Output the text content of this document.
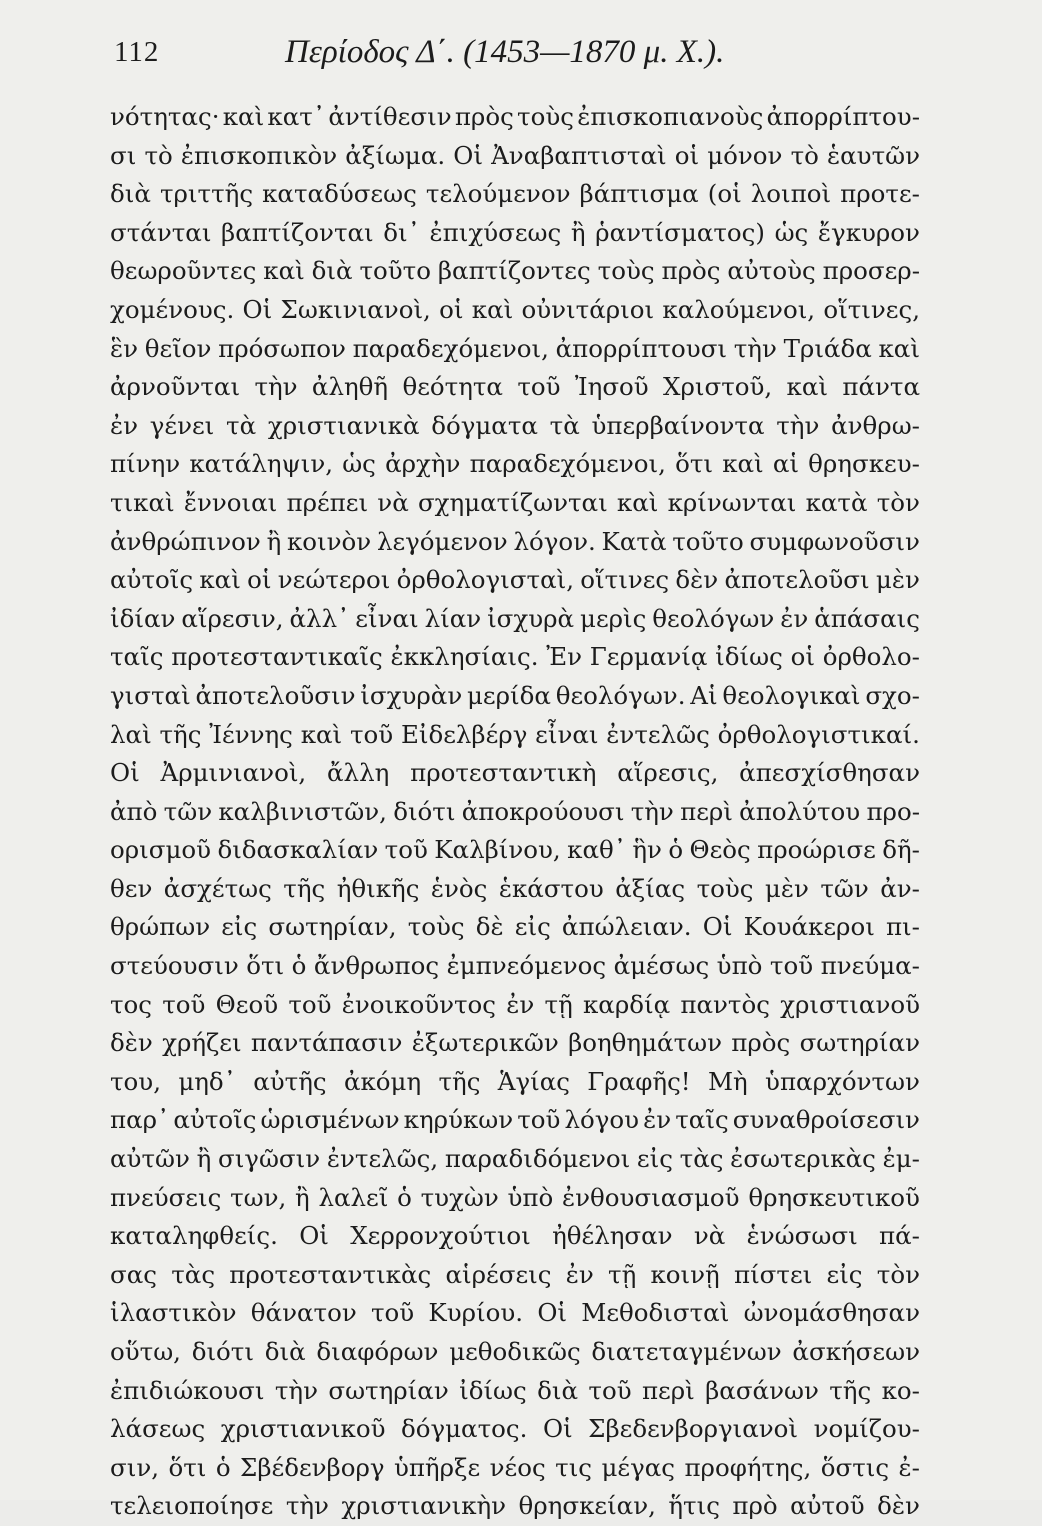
112	Περίοδος Δ΄. (1453—1870 μ. Χ.).
νότητας· καὶ κατ᾽ ἀντίθεσιν πρὸς τοὺς ἐπισκοπιανοὺς ἀπορρίπτου-
σι τὸ ἐπισκοπικὸν ἀξίωμα. Οἱ Ἀναβαπτισταὶ οἱ μόνον τὸ ἑαυτῶν
διὰ τριττῆς καταδύσεως τελούμενον βάπτισμα (οἱ λοιποὶ προτε-
στάνται βαπτίζονται δι᾽ ἐπιχύσεως ἢ ῥαντίσματος) ὡς ἔγκυρον
θεωροῦντες καὶ διὰ τοῦτο βαπτίζοντες τοὺς πρὸς αὐτοὺς προσερ-
χομένους. Οἱ Σωκινιανοὶ, οἱ καὶ οὐνιτάριοι καλούμενοι, οἵτινες,
ἓν θεῖον πρόσωπον παραδεχόμενοι, ἀπορρίπτουσι τὴν Τριάδα καὶ
ἀρνοῦνται τὴν ἀληθῆ θεότητα τοῦ Ἰησοῦ Χριστοῦ, καὶ πάντα
ἐν γένει τὰ χριστιανικὰ δόγματα τὰ ὑπερβαίνοντα τὴν ἀνθρω-
πίνην κατάληψιν, ὡς ἀρχὴν παραδεχόμενοι, ὅτι καὶ αἱ θρησκευ-
τικαὶ ἔννοιαι πρέπει νὰ σχηματίζωνται καὶ κρίνωνται κατὰ τὸν
ἀνθρώπινον ἢ κοινὸν λεγόμενον λόγον. Κατὰ τοῦτο συμφωνοῦσιν
αὐτοῖς καὶ οἱ νεώτεροι ὀρθολογισταὶ, οἵτινες δὲν ἀποτελοῦσι μὲν
ἰδίαν αἵρεσιν, ἀλλ᾽ εἶναι λίαν ἰσχυρὰ μερὶς θεολόγων ἐν ἁπάσαις
ταῖς προτεσταντικαῖς ἐκκλησίαις. Ἐν Γερμανίᾳ ἰδίως οἱ ὀρθολο-
γισταὶ ἀποτελοῦσιν ἰσχυρὰν μερίδα θεολόγων. Αἱ θεολογικαὶ σχο-
λαὶ τῆς Ἰέννης καὶ τοῦ Εἰδελβέργ εἶναι ἐντελῶς ὀρθολογιστικαί.
Οἱ Ἀρμινιανοὶ, ἄλλη προτεσταντικὴ αἵρεσις, ἀπεσχίσθησαν
ἀπὸ τῶν καλβινιστῶν, διότι ἀποκρούουσι τὴν περὶ ἀπολύτου προ-
ορισμοῦ διδασκαλίαν τοῦ Καλβίνου, καθ᾽ ἣν ὁ Θεὸς προώρισε δῆ-
θεν ἀσχέτως τῆς ἠθικῆς ἑνὸς ἑκάστου ἀξίας τοὺς μὲν τῶν ἀν-
θρώπων εἰς σωτηρίαν, τοὺς δὲ εἰς ἀπώλειαν. Οἱ Κουάκεροι πι-
στεύουσιν ὅτι ὁ ἄνθρωπος ἐμπνεόμενος ἀμέσως ὑπὸ τοῦ πνεύμα-
τος τοῦ Θεοῦ τοῦ ἐνοικοῦντος ἐν τῇ καρδίᾳ παντὸς χριστιανοῦ
δὲν χρήζει παντάπασιν ἐξωτερικῶν βοηθημάτων πρὸς σωτηρίαν
του, μηδ᾽ αὐτῆς ἀκόμη τῆς Ἁγίας Γραφῆς! Μὴ ὑπαρχόντων
παρ᾽ αὐτοῖς ὡρισμένων κηρύκων τοῦ λόγου ἐν ταῖς συναθροίσεσιν
αὐτῶν ἢ σιγῶσιν ἐντελῶς, παραδιδόμενοι εἰς τὰς ἐσωτερικὰς ἐμ-
πνεύσεις των, ἢ λαλεῖ ὁ τυχὼν ὑπὸ ἐνθουσιασμοῦ θρησκευτικοῦ
καταληφθείς. Οἱ Χερρονχούτιοι ἠθέλησαν νὰ ἑνώσωσι πά-
σας τὰς προτεσταντικὰς αἱρέσεις ἐν τῇ κοινῇ πίστει εἰς τὸν
ἱλαστικὸν θάνατον τοῦ Κυρίου. Οἱ Μεθοδισταὶ ὠνομάσθησαν
οὕτω, διότι διὰ διαφόρων μεθοδικῶς διατεταγμένων ἀσκήσεων
ἐπιδιώκουσι τὴν σωτηρίαν ἰδίως διὰ τοῦ περὶ βασάνων τῆς κο-
λάσεως χριστιανικοῦ δόγματος. Οἱ Σβεδενβοργιανοὶ νομίζου-
σιν, ὅτι ὁ Σβέδενβοργ ὑπῆρξε νέος τις μέγας προφήτης, ὅστις ἐ-
τελειοποίησε τὴν χριστιανικὴν θρησκείαν, ἥτις πρὸ αὐτοῦ δὲν
